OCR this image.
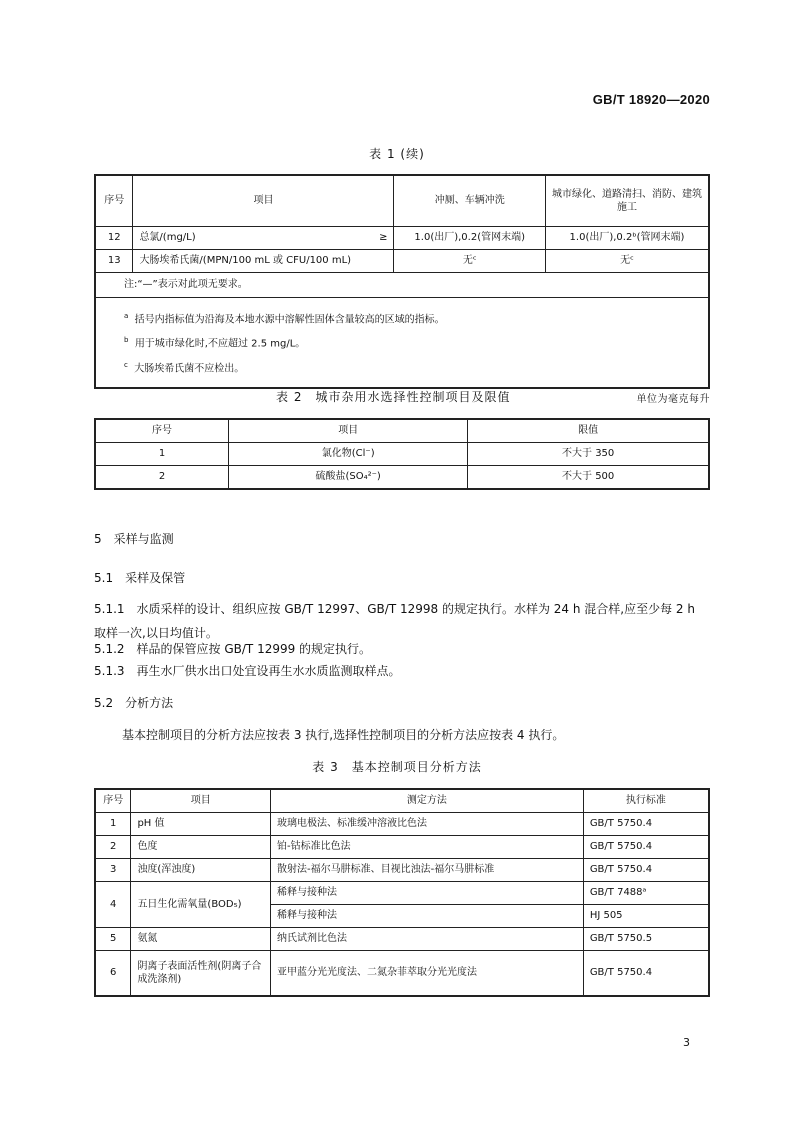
GB/T 18920—2020
表 1 (续)
序号	项目	冲厕、车辆冲洗	城市绿化、道路清扫、消防、建筑施工
12	总氯/(mg/L) ≥	1.0(出厂),0.2(管网末端)	1.0(出厂),0.2ᵇ(管网末端)
13	大肠埃希氏菌/(MPN/100 mL 或 CFU/100 mL)	无ᶜ	无ᶜ
注:“—”表示对此项无要求。			

$^a$ 括号内指标值为沿海及本地水源中溶解性固体含量较高的区域的指标。
$^b$ 用于城市绿化时,不应超过 2.5 mg/L。
$^c$ 大肠埃希氏菌不应检出。			
表 2　城市杂用水选择性控制项目及限值	单位为毫克每升
序号	项目	限值
1	氯化物(Cl⁻)	不大于 350
2	硫酸盐(SO₄²⁻)	不大于 500
5　采样与监测
5.1　采样及保管
5.1.1　水质采样的设计、组织应按 GB/T 12997、GB/T 12998 的规定执行。水样为 24 h 混合样,应至少每 2 h 取样一次,以日均值计。
5.1.2　样品的保管应按 GB/T 12999 的规定执行。
5.1.3　再生水厂供水出口处宜设再生水水质监测取样点。
5.2　分析方法
基本控制项目的分析方法应按表 3 执行,选择性控制项目的分析方法应按表 4 执行。
表 3　基本控制项目分析方法
序号	项目	测定方法	执行标准
1	pH 值	玻璃电极法、标准缓冲溶液比色法	GB/T 5750.4
2	色度	铂-钴标准比色法	GB/T 5750.4
3	浊度(浑浊度)	散射法-福尔马肼标准、目视比浊法-福尔马肼标准	GB/T 5750.4
4	五日生化需氧量(BOD₅)	稀释与接种法	GB/T 7488ᵃ
		稀释与接种法	HJ 505
5	氨氮	纳氏试剂比色法	GB/T 5750.5
6	阴离子表面活性剂(阴离子合成洗涤剂)	亚甲蓝分光光度法、二氮杂菲萃取分光光度法	GB/T 5750.4
3
